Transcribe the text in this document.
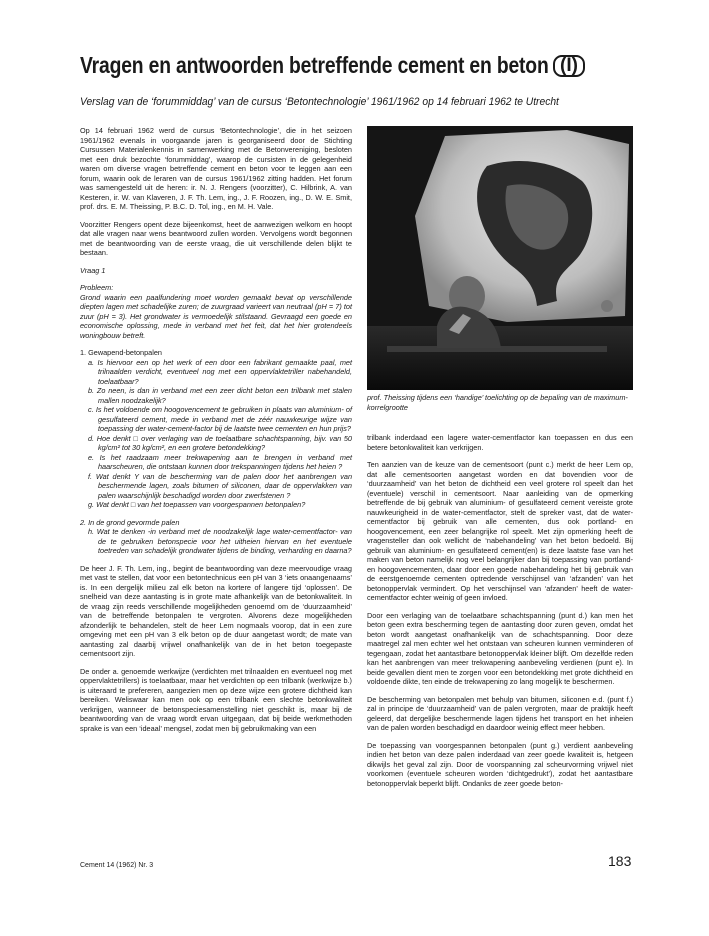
Vragen en antwoorden betreffende cement en beton (I)
Verslag van de ‘forummiddag’ van de cursus ‘Betontechnologie’ 1961/1962 op 14 februari 1962 te Utrecht

Op 14 februari 1962 werd de cursus ‘Betontechnologie’, die in het seizoen 1961/1962 evenals in voorgaande jaren is georganiseerd door de Stichting Cursussen Materialenkennis in samenwerking met de Betonvereniging, besloten met een druk bezochte ‘forummiddag’, waarop de cursisten in de gelegenheid waren om diverse vragen betreffende cement en beton voor te leggen aan een forum, waarin ook de leraren van de cursus 1961/1962 zitting hadden. Het forum was samengesteld uit de heren: ir. N. J. Rengers (voorzitter), C. Hilbrink, A. van Kesteren, ir. W. van Klaveren, J. F. Th. Lem, ing., J. F. Roozen, ing., D. W. E. Smit, prof. drs. E. M. Theissing, P. B.C. D. Tol, ing., en M. H. Vale.

Voorzitter Rengers opent deze bijeenkomst, heet de aanwezigen welkom en hoopt dat alle vragen naar wens beantwoord zullen worden. Vervolgens wordt begonnen met de beantwoording van de eerste vraag, die uit verschillende delen blijkt te bestaan.

Vraag 1

Probleem:

Grond waarin een paalfundering moet worden gemaakt bevat op verschillende diepten lagen met schadelijke zuren; de zuurgraad varieert van neutraal (pH = 7) tot zuur (pH = 3). Het grondwater is vermoedelijk stilstaand. Gevraagd een goede en economische oplossing, mede in verband met het feit, dat het hier grotendeels woningbouw betreft.

1. Gewapend-betonpalen
a. Is hiervoor een op het werk of een door een fabrikant gemaakte paal, met trilnaalden verdicht, eventueel nog met een oppervlaktetriller nabehandeld, toelaatbaar?
b. Zo neen, is dan in verband met een zeer dicht beton een trilbank met stalen mallen noodzakelijk?
c. Is het voldoende om hoogovencement te gebruiken in plaats van aluminium- of gesulfateerd cement, mede in verband met de zéér nauwkeurige wijze van toepassing der water-cement-factor bij de laatste twee cementen en hun prijs?
d. Hoe denkt □ over verlaging van de toelaatbare schachtspanning, bijv. van 50 kg/cm² tot 30 kg/cm², en een grotere betondekking?
e. Is het raadzaam meer trekwapening aan te brengen in verband met haarscheuren, die ontstaan kunnen door trekspanningen tijdens het heien ?
f. Wat denkt Y van de bescherming van de palen door het aanbrengen van beschermende lagen, zoals bitumen of siliconen, daar de oppervlakken van palen waarschijnlijk beschadigd worden door zwerfstenen ?
g. Wat denkt □ van het toepassen van voorgespannen betonpalen?
2. In de grond gevormde palen
h. Wat te denken -in verband met de noodzakelijk lage water-cementfactor- van de te gebruiken betonspecie voor het uitheien hiervan en het eventuele toetreden van schadelijk grondwater tijdens de binding, verharding en daarna?

De heer J. F. Th. Lem, ing., begint de beantwoording van deze meervoudige vraag met vast te stellen, dat voor een betontechnicus een pH van 3 ‘iets onaangenaams’ is. In een dergelijk milieu zal elk beton na kortere of langere tijd ‘oplossen’. De snelheid van deze aantasting is in grote mate afhankelijk van de betonkwaliteit. In de vraag zijn reeds verschillende mogelijkheden genoemd om de ‘duurzaamheid’ van de betreffende betonpalen te vergroten. Alvorens deze mogelijkheden afzonderlijk te behandelen, stelt de heer Lem nogmaals voorop, dat in een zure omgeving met een pH van 3 elk beton op de duur aangetast wordt; de mate van aantasting zal daarbij vrijwel onafhankelijk van de in het beton toegepaste cementsoort zijn.

De onder a. genoemde werkwijze (verdichten met trilnaalden en eventueel nog met oppervlaktetrillers) is toelaatbaar, maar het verdichten op een trilbank (werkwijze b.) is uiteraard te prefereren, aangezien men op deze wijze een grotere dichtheid kan bereiken. Weliswaar kan men ook op een trilbank een slechte betonkwaliteit verkrijgen, wanneer de betonspeciesamenstelling niet geschikt is, maar bij de beantwoording van de vraag wordt ervan uitgegaan, dat bij beide werkmethoden sprake is van een ‘ideaal’ mengsel, zodat men bij gebruikmaking van een

prof. Theissing tijdens een ‘handige’ toelichting op de bepaling van de maximum-korrelgrootte

trilbank inderdaad een lagere water-cementfactor kan toepassen en dus een betere betonkwaliteit kan verkrijgen.

Ten aanzien van de keuze van de cementsoort (punt c.) merkt de heer Lem op, dat alle cementsoorten aangetast worden en dat bovendien voor de ‘duurzaamheid’ van het beton de dichtheid een veel grotere rol speelt dan het (eventuele) verschil in cementsoort. Naar aanleiding van de opmerking betreffende de bij gebruik van aluminium- of gesulfateerd cement vereiste grote nauwkeurigheid in de water-cementfactor, stelt de spreker vast, dat de water-cementfactor bij gebruik van alle cementen, dus ook portland- en hoogovencement, een zeer belangrijke rol speelt. Met zijn opmerking heeft de vragensteller dan ook wellicht de ‘nabehandeling’ van het beton bedoeld. Bij gebruik van aluminium- en gesulfateerd cement(en) is deze laatste fase van het maken van beton namelijk nog veel belangrijker dan bij toepassing van portland- en hoogovencementen, daar door een goede nabehandeling het bij gebruik van de eerstgenoemde cementen optredende verschijnsel van ‘afzanden’ van het betonoppervlak vermindert. Op het verschijnsel van ‘afzanden’ heeft de water-cementfactor echter weinig of geen invloed.

Door een verlaging van de toelaatbare schachtspanning (punt d.) kan men het beton geen extra bescherming tegen de aantasting door zuren geven, omdat het beton wordt aangetast onafhankelijk van de schachtspanning. Door deze maatregel zal men echter wel het ontstaan van scheuren kunnen verminderen of tegengaan, zodat het aantastbare betonoppervlak kleiner blijft. Om dezelfde reden kan het aanbrengen van meer trekwapening aanbeveling verdienen (punt e). In beide gevallen dient men te zorgen voor een betondekking met grote dichtheid en voldoende dikte, ten einde de trekwapening zo lang mogelijk te beschermen.

De bescherming van betonpalen met behulp van bitumen, siliconen e.d. (punt f.) zal in principe de ‘duurzaamheid’ van de palen vergroten, maar de praktijk heeft geleerd, dat dergelijke beschermende lagen tijdens het transport en het inheien van de palen worden beschadigd en daardoor weinig effect meer hebben.

De toepassing van voorgespannen betonpalen (punt g.) verdient aanbeveling indien het beton van deze palen inderdaad van zeer goede kwaliteit is, hetgeen dikwijls het geval zal zijn. Door de voorspanning zal scheurvorming vrijwel niet voorkomen (eventuele scheuren worden ‘dichtgedrukt’), zodat het aantastbare betonoppervlak beperkt blijft. Ondanks de zeer goede beton-

Cement 14 (1962) Nr. 3	183
